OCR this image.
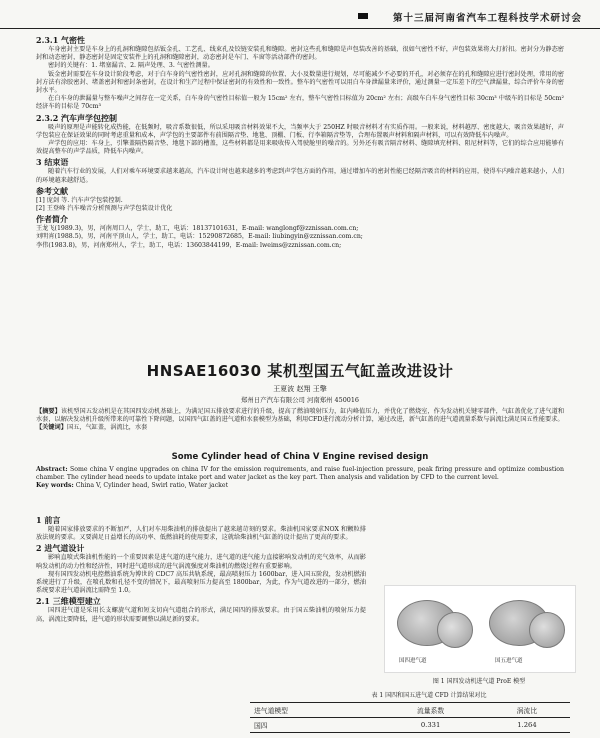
第十三届河南省汽车工程科技学术研讨会
2.3.1 气密性

车身密封主要是车身上的孔洞和缝隙包括钣金孔、工艺孔、线束孔及铰链安装孔和缝隙。密封这些孔和缝隙是声包装改善的基础，很如气密性不好，声包装效果将大打折扣。密封分为静态密封和动态密封，静态密封是固定安装件上的孔洞和缝隙密封，动态密封是车门、车窗等活动部件的密封。

密封的关键有：1. 堵塞漏音、2. 隔声处理、3. 气密性测量。

钣金密封需要在车身设计阶段考虑，对于白车身的气密性密封，应对孔洞和缝隙的位置、大小及数量进行规划，尽可能减少不必要的开孔，对必须存在的孔和缝隙应进行密封处理，常用的密封方法有涂胶密封、堵盖密封和密封条密封，在设计和生产过程中保证密封的有效性和一致性。整车的气密性可以用白车身泄漏量来评价，通过测量一定压差下的空气泄漏量，综合评价车身的密封水平。

在白车身的泄漏量与整车噪声之间存在一定关系，白车身的气密性目标值一般为 15cm² 左右，整车气密性目标值为 20cm² 左右；高级车白车身气密性目标 30cm³ 中级车的目标是 50cm² 经济车的目标是 70cm³

2.3.2 汽车声学包控制

吸声的原理是声能转化成热能，在低频时，吸音系数很低，所以采用吸音材料效果不大，当频率大于 250HZ 时吸音材料才有实质作用。一般来说，材料越厚、密度越大，吸音效果越好，声学包装应在保证效果的同时考虑重量和成本，声学包的主要部件有前围隔音垫、地毯、顶棚、门板、行李箱隔音垫等，合理布置吸声材料和隔声材料，可以有效降低车内噪声。

声学包的应用：车身上，引擎盖隔热隔音垫、地毯下部的槽盖，这些材料都是用来吸收传入驾驶舱里的噪音的。另外还有吸音隔音材料、缝隙填充材料、阻尼材料等，它们的综合应用能够有效提高整车的声学品质，降低车内噪声。

3 结束语

随着汽车行业的发展，人们对乘车环境要求越来越高，汽车设计时也越来越多的考虑到声学包方面的作用，通过增加车的密封性能已经隔音吸音的材料的应用，使得车内噪音越来越小，人们的环境越来越舒适。

参考文献

[1] 庞剑 等. 汽车声学包装控制.

[2] 王登峰 汽车噪音分析预测与声学包装设计优化

作者简介

王龙飞(1989.3)，男，河南周口人，学士，助工，电话：18137101631，E-mail: wanglongf@zznissan.com.cn;

刘明宵(1988.5)，男，河南平顶山人，学士，助工，电话：15290872685，E-mail: liubingyin@zznissan.com.cn;

李伟(1983.8)，男，河南郑州人，学士，助工，电话：13603844199，E-mail: lweims@zznissan.com.cn;

HNSAE16030 某机型国五气缸盖改进设计
王夏波 赵翔 王擎
郑州日产汽车有限公司 河南郑州 450016

【摘要】该机型国五发动机是在其国四发动机基础上，为满足国五排放要求进行的升级，提高了燃油喷射压力，缸内峰值压力，并优化了燃烧室，作为发动机关键零部件，气缸盖优化了进气道和水套，以解决发动机升级所带来的可靠性下降问题，以国四气缸盖的进气道和水套模型为基础，利用CFD进行流动分析计算，通过改进，新气缸盖的进气道流量系数与涡流比满足国五性能要求。

【关键词】国五，气缸盖，涡流比，水套

Some Cylinder head of China V Engine revised design

Abstract: Some china V engine upgrades on china IV for the emission requirements, and raise fuel-injection pressure, peak firing pressure and optimize combustion chamber. The cylinder head needs to update intake port and water jacket as the key part. Then analysis and validation by CFD to the current level.

Key words: China V, Cylinder head, Swirl ratio, Water jacket

1 前言

随着国家排放要求的不断加严，人们对车用柴油机的排放提出了越来越苛刻的要求。柴油机国家要求NOX 和颗粒排放法规的要求。又要满足日益增长的高功率、低燃油耗的使用要求，这就给柴油机气缸盖的设计提出了更高的要求。

2 进气道设计

影响直喷式柴油机性能的一个重要因素是进气道的进气能力，进气道的进气能力直接影响发动机的充气效率，从而影响发动机的动力性和经济性，同时进气道形成的进气涡流强度对柴油机的燃烧过程有重要影响。

现有国四发动机电控燃油系统为博世的 CDC7 高压共轨系统，最高喷射压力 1600bar，进入国五阶段，发动机燃油系统进行了升级，在喷孔数和孔径不变的情况下，最高喷射压力提高至 1800bar，为此，作为气道改进的一部分，燃油系统要求进气道涡流比需降至 1.0。

2.1 三维模型建立

国四进气道是采用长支螺旋气道和短支切向气道组合的形式，满足国四的排放要求。由于国五柴油机的喷射压力提高，涡流比要降低，进气道的形状需要调整以满足新的要求。

国四进气道	国五进气道
图 1 国四发动机进气道 ProE 模型
表 1 国四和国五进气道 CFD 计算结果对比
进气道模型	流量系数	涡流比
国四	0.331	1.264
